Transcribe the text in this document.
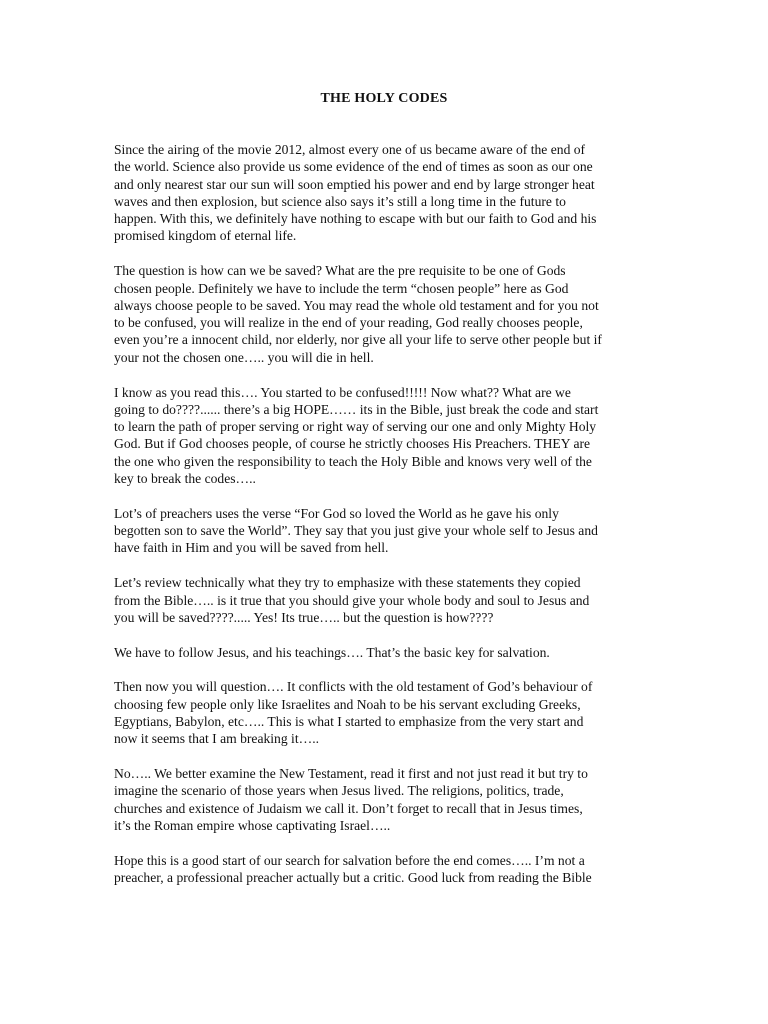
THE HOLY CODES

Since the airing of the movie 2012, almost every one of us became aware of the end of
the world. Science also provide us some evidence of the end of times as soon as our one
and only nearest star our sun will soon emptied his power and end by large stronger heat
waves and then explosion, but science also says it’s still a long time in the future to
happen. With this, we definitely have nothing to escape with but our faith to God and his
promised kingdom of eternal life.

The question is how can we be saved? What are the pre requisite to be one of Gods
chosen people. Definitely we have to include the term “chosen people” here as God
always choose people to be saved. You may read the whole old testament and for you not
to be confused, you will realize in the end of your reading, God really chooses people,
even you’re a innocent child, nor elderly, nor give all your life to serve other people but if
your not the chosen one….. you will die in hell.

I know as you read this…. You started to be confused!!!!! Now what?? What are we
going to do????...... there’s a big HOPE…… its in the Bible, just break the code and start
to learn the path of proper serving or right way of serving our one and only Mighty Holy
God. But if God chooses people, of course he strictly chooses His Preachers. THEY are
the one who given the responsibility to teach the Holy Bible and knows very well of the
key to break the codes…..

Lot’s of preachers uses the verse “For God so loved the World as he gave his only
begotten son to save the World”. They say that you just give your whole self to Jesus and
have faith in Him and you will be saved from hell.

Let’s review technically what they try to emphasize with these statements they copied
from the Bible….. is it true that you should give your whole body and soul to Jesus and
you will be saved????..... Yes! Its true….. but the question is how????

We have to follow Jesus, and his teachings…. That’s the basic key for salvation.

Then now you will question…. It conflicts with the old testament of God’s behaviour of
choosing few people only like Israelites and Noah to be his servant excluding Greeks,
Egyptians, Babylon, etc….. This is what I started to emphasize from the very start and
now it seems that I am breaking it…..

No….. We better examine the New Testament, read it first and not just read it but try to
imagine the scenario of those years when Jesus lived. The religions, politics, trade,
churches and existence of Judaism we call it. Don’t forget to recall that in Jesus times,
it’s the Roman empire whose captivating Israel…..

Hope this is a good start of our search for salvation before the end comes….. I’m not a
preacher, a professional preacher actually but a critic. Good luck from reading the Bible
